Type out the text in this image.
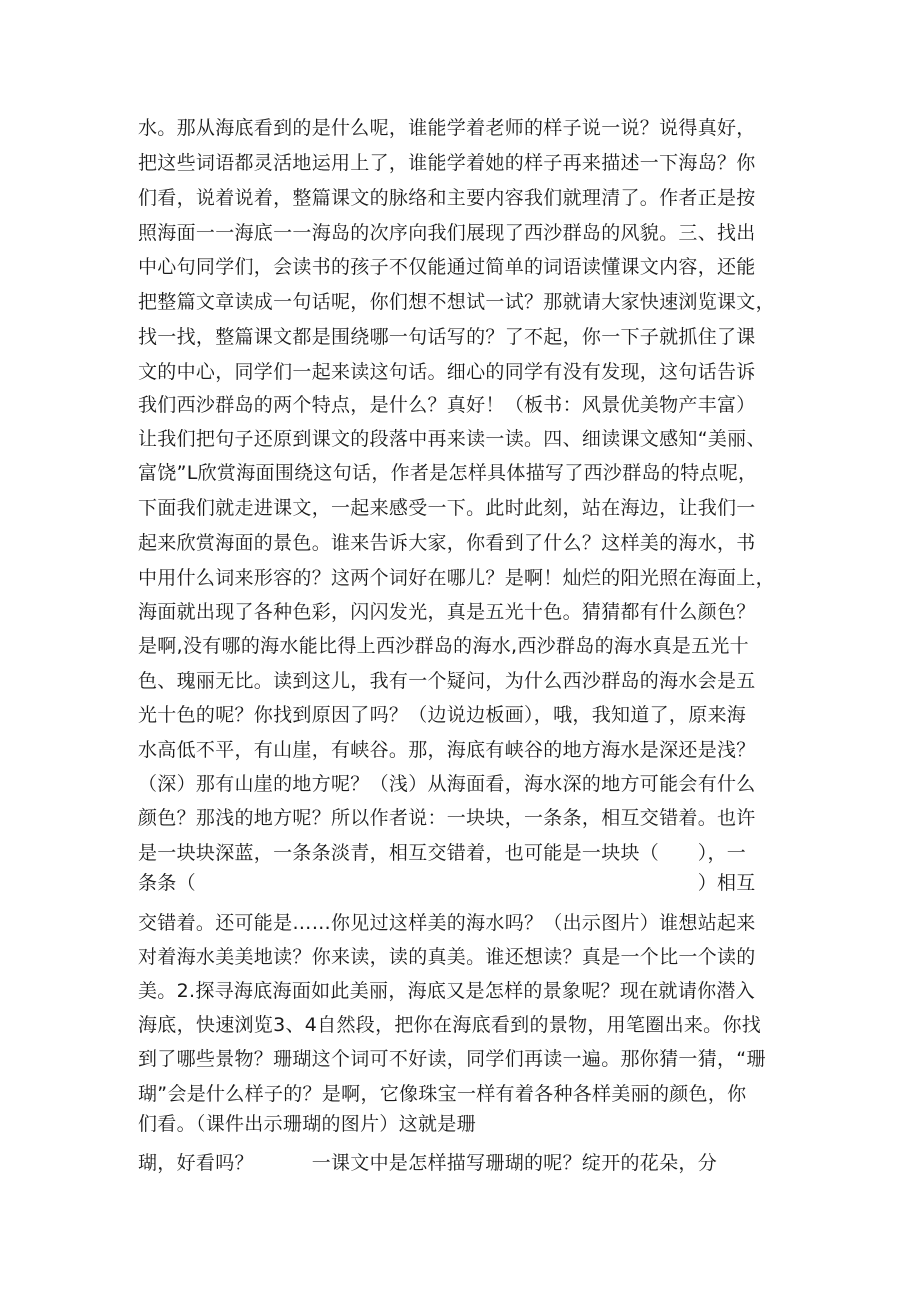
水。那从海底看到的是什么呢，谁能学着老师的样子说一说？说得真好，
把这些词语都灵活地运用上了，谁能学着她的样子再来描述一下海岛？你
们看，说着说着，整篇课文的脉络和主要内容我们就理清了。作者正是按
照海面一一海底一一海岛的次序向我们展现了西沙群岛的风貌。三、找出
中心句同学们，会读书的孩子不仅能通过简单的词语读懂课文内容，还能
把整篇文章读成一句话呢，你们想不想试一试？那就请大家快速浏览课文，
找一找，整篇课文都是围绕哪一句话写的？了不起，你一下子就抓住了课
文的中心，同学们一起来读这句话。细心的同学有没有发现，这句话告诉
我们西沙群岛的两个特点，是什么？真好！（板书：风景优美物产丰富）
让我们把句子还原到课文的段落中再来读一读。四、细读课文感知“美丽、
富饶”L欣赏海面围绕这句话，作者是怎样具体描写了西沙群岛的特点呢，
下面我们就走进课文，一起来感受一下。此时此刻，站在海边，让我们一
起来欣赏海面的景色。谁来告诉大家，你看到了什么？这样美的海水，书
中用什么词来形容的？这两个词好在哪儿？是啊！灿烂的阳光照在海面上，
海面就出现了各种色彩，闪闪发光，真是五光十色。猜猜都有什么颜色？
是啊,没有哪的海水能比得上西沙群岛的海水,西沙群岛的海水真是五光十
色、瑰丽无比。读到这儿，我有一个疑问，为什么西沙群岛的海水会是五
光十色的呢？你找到原因了吗？（边说边板画），哦，我知道了，原来海
水高低不平，有山崖，有峡谷。那，海底有峡谷的地方海水是深还是浅？
（深）那有山崖的地方呢？（浅）从海面看，海水深的地方可能会有什么
颜色？那浅的地方呢？所以作者说：一块块，一条条，相互交错着。也许
是一块块深蓝，一条条淡青，相互交错着，也可能是一块块（　　），一
条条（　　　　　　　　　　　　　　　　　　　　　　　　　　）相互
交错着。还可能是……你见过这样美的海水吗？（出示图片）谁想站起来
对着海水美美地读？你来读，读的真美。谁还想读？真是一个比一个读的
美。2.探寻海底海面如此美丽，海底又是怎样的景象呢？现在就请你潜入
海底，快速浏览3、4自然段，把你在海底看到的景物，用笔圈出来。你找
到了哪些景物？珊瑚这个词可不好读，同学们再读一遍。那你猜一猜，“珊
瑚”会是什么样子的？是啊，它像珠宝一样有着各种各样美丽的颜色，你
们看。（课件出示珊瑚的图片）这就是珊
瑚，好看吗？　　　一课文中是怎样描写珊瑚的呢？绽开的花朵，分
